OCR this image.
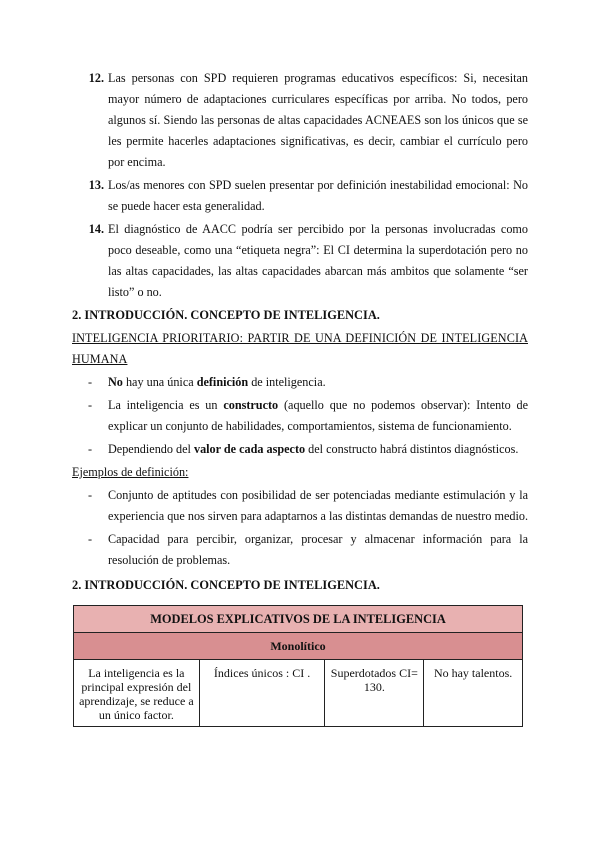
12. Las personas con SPD requieren programas educativos específicos: Si, necesitan mayor número de adaptaciones curriculares específicas por arriba. No todos, pero algunos sí. Siendo las personas de altas capacidades ACNEAES son los únicos que se les permite hacerles adaptaciones significativas, es decir, cambiar el currículo pero por encima.
13. Los/as menores con SPD suelen presentar por definición inestabilidad emocional: No se puede hacer esta generalidad.
14. El diagnóstico de AACC podría ser percibido por la personas involucradas como poco deseable, como una “etiqueta negra”: El CI determina la superdotación pero no las altas capacidades, las altas capacidades abarcan más ambitos que solamente “ser listo” o no.
2. INTRODUCCIÓN. CONCEPTO DE INTELIGENCIA.
INTELIGENCIA PRIORITARIO: PARTIR DE UNA DEFINICIÓN DE INTELIGENCIA HUMANA
-	No hay una única definición de inteligencia.
-	La inteligencia es un constructo (aquello que no podemos observar): Intento de explicar un conjunto de habilidades, comportamientos, sistema de funcionamiento.
-	Dependiendo del valor de cada aspecto del constructo habrá distintos diagnósticos.
Ejemplos de definición:
-	Conjunto de aptitudes con posibilidad de ser potenciadas mediante estimulación y la experiencia que nos sirven para adaptarnos a las distintas demandas de nuestro medio.
-	Capacidad para percibir, organizar, procesar y almacenar información para la resolución de problemas.
2. INTRODUCCIÓN. CONCEPTO DE INTELIGENCIA.
MODELOS EXPLICATIVOS DE LA INTELIGENCIA
Monolítico
La inteligencia es la principal expresión del aprendizaje, se reduce a un único factor.	Índices únicos : CI .	Superdotados CI= 130.	No hay talentos.
